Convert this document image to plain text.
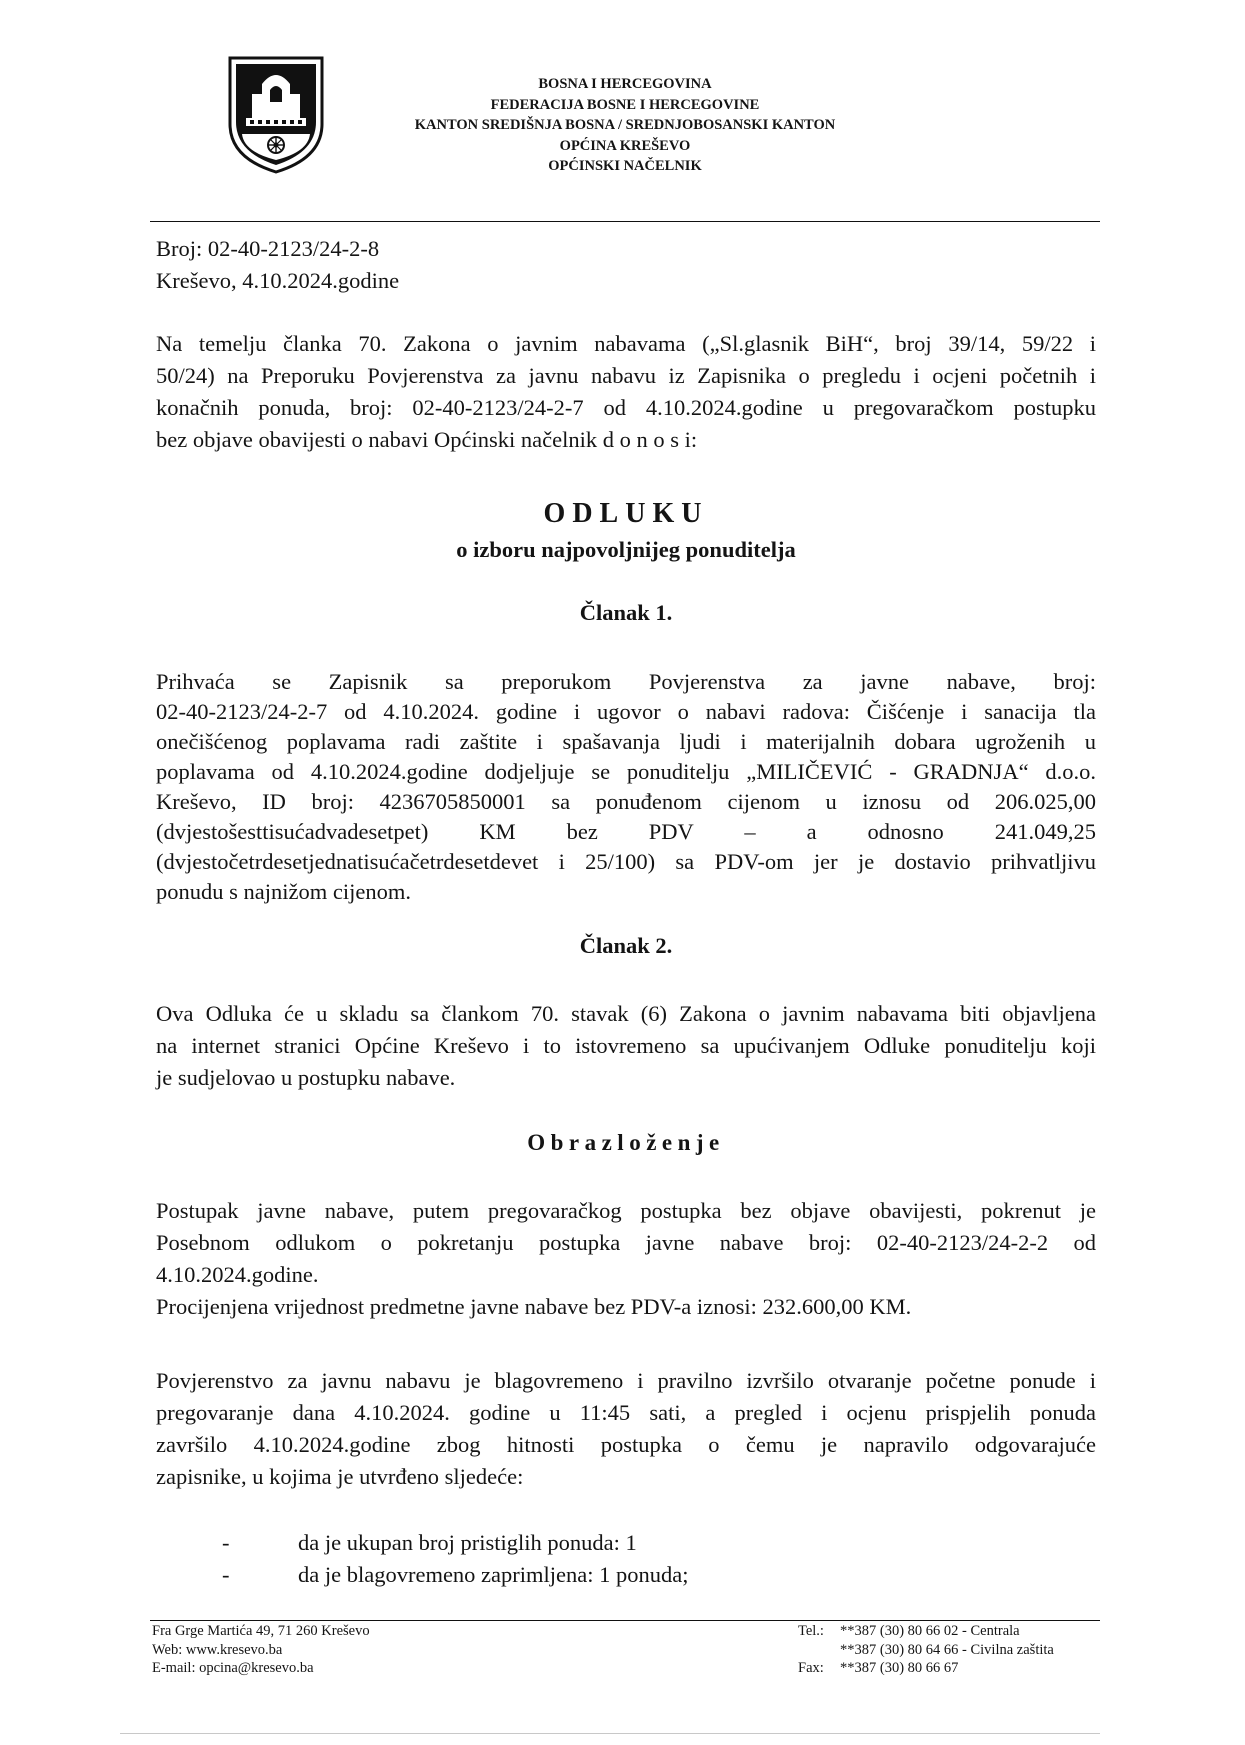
BOSNA I HERCEGOVINA
FEDERACIJA BOSNE I HERCEGOVINE
KANTON SREDIŠNJA BOSNA / SREDNJOBOSANSKI KANTON
OPĆINA KREŠEVO
OPĆINSKI NAČELNIK
Broj: 02-40-2123/24-2-8
Kreševo, 4.10.2024.godine
Na temelju članka 70. Zakona o javnim nabavama („Sl.glasnik BiH“, broj 39/14, 59/22 i
50/24) na Preporuku Povjerenstva za javnu nabavu iz Zapisnika o pregledu i ocjeni početnih i
konačnih ponuda, broj: 02-40-2123/24-2-7 od 4.10.2024.godine u pregovaračkom postupku
bez objave obavijesti o nabavi Općinski načelnik d o n o s i:
ODLUKU
o izboru najpovoljnijeg ponuditelja
Članak 1.
Prihvaća se Zapisnik sa preporukom Povjerenstva za javne nabave, broj:
02-40-2123/24-2-7 od 4.10.2024. godine i ugovor o nabavi radova: Čišćenje i sanacija tla
onečišćenog poplavama radi zaštite i spašavanja ljudi i materijalnih dobara ugroženih u
poplavama od 4.10.2024.godine dodjeljuje se ponuditelju „MILIČEVIĆ - GRADNJA“ d.o.o.
Kreševo, ID broj: 4236705850001 sa ponuđenom cijenom u iznosu od 206.025,00
(dvjestošesttisućadvadesetpet) KM bez PDV – a odnosno 241.049,25
(dvjestočetrdesetjednatisućačetrdesetdevet i 25/100) sa PDV-om jer je dostavio prihvatljivu
ponudu s najnižom cijenom.
Članak 2.
Ova Odluka će u skladu sa člankom 70. stavak (6) Zakona o javnim nabavama biti objavljena
na internet stranici Općine Kreševo i to istovremeno sa upućivanjem Odluke ponuditelju koji
je sudjelovao u postupku nabave.
Obrazloženje
Postupak javne nabave, putem pregovaračkog postupka bez objave obavijesti, pokrenut je
Posebnom odlukom o pokretanju postupka javne nabave broj: 02-40-2123/24-2-2 od
4.10.2024.godine.
Procijenjena vrijednost predmetne javne nabave bez PDV-a iznosi: 232.600,00 KM.
Povjerenstvo za javnu nabavu je blagovremeno i pravilno izvršilo otvaranje početne ponude i
pregovaranje dana 4.10.2024. godine u 11:45 sati, a pregled i ocjenu prispjelih ponuda
završilo 4.10.2024.godine zbog hitnosti postupka o čemu je napravilo odgovarajuće
zapisnike, u kojima je utvrđeno sljedeće:
-	da je ukupan broj pristiglih ponuda: 1
-	da je blagovremeno zaprimljena: 1 ponuda;
Fra Grge Martića 49, 71 260 Kreševo
Web: www.kresevo.ba
E-mail: opcina@kresevo.ba
Tel.:	**387 (30) 80 66 02 - Centrala
**387 (30) 80 64 66 - Civilna zaštita
Fax:	**387 (30) 80 66 67
